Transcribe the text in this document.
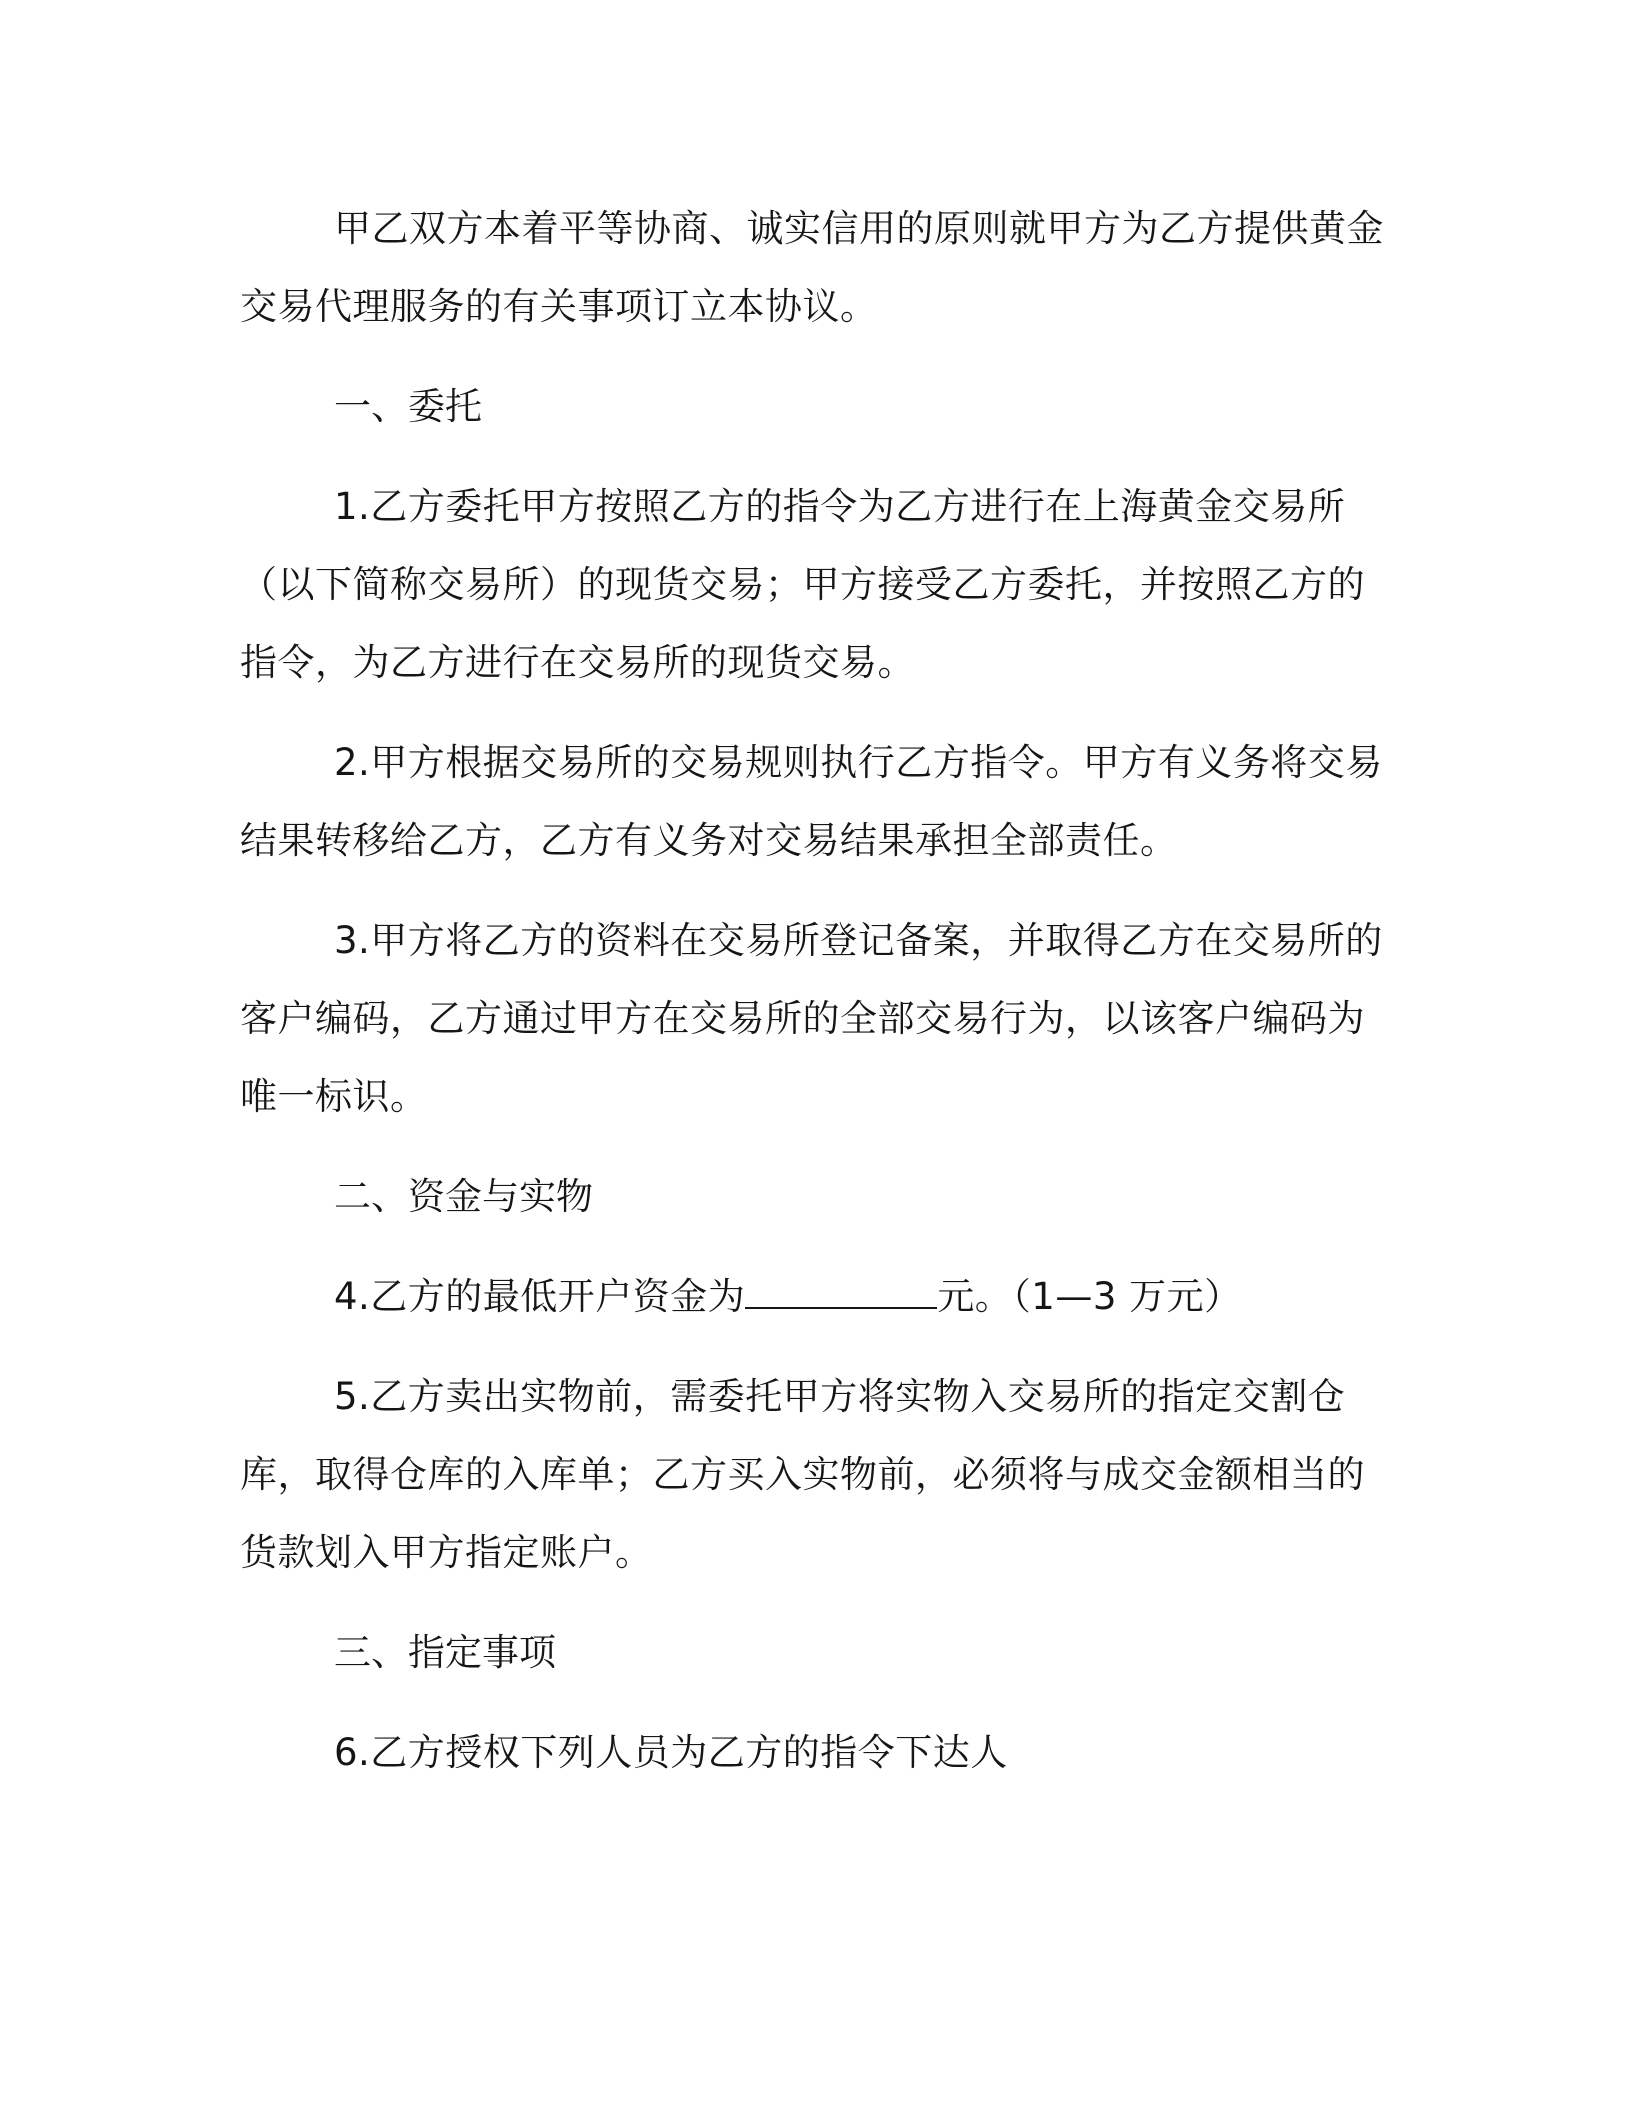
甲乙双方本着平等协商、诚实信用的原则就甲方为乙方提供黄金交易代理服务的有关事项订立本协议。

一、委托

1.乙方委托甲方按照乙方的指令为乙方进行在上海黄金交易所（以下简称交易所）的现货交易；甲方接受乙方委托，并按照乙方的指令，为乙方进行在交易所的现货交易。

2.甲方根据交易所的交易规则执行乙方指令。甲方有义务将交易结果转移给乙方，乙方有义务对交易结果承担全部责任。

3.甲方将乙方的资料在交易所登记备案，并取得乙方在交易所的客户编码，乙方通过甲方在交易所的全部交易行为，以该客户编码为唯一标识。

二、资金与实物

4.乙方的最低开户资金为	元。（1—3 万元）

5.乙方卖出实物前，需委托甲方将实物入交易所的指定交割仓库，取得仓库的入库单；乙方买入实物前，必须将与成交金额相当的货款划入甲方指定账户。

三、指定事项

6.乙方授权下列人员为乙方的指令下达人
